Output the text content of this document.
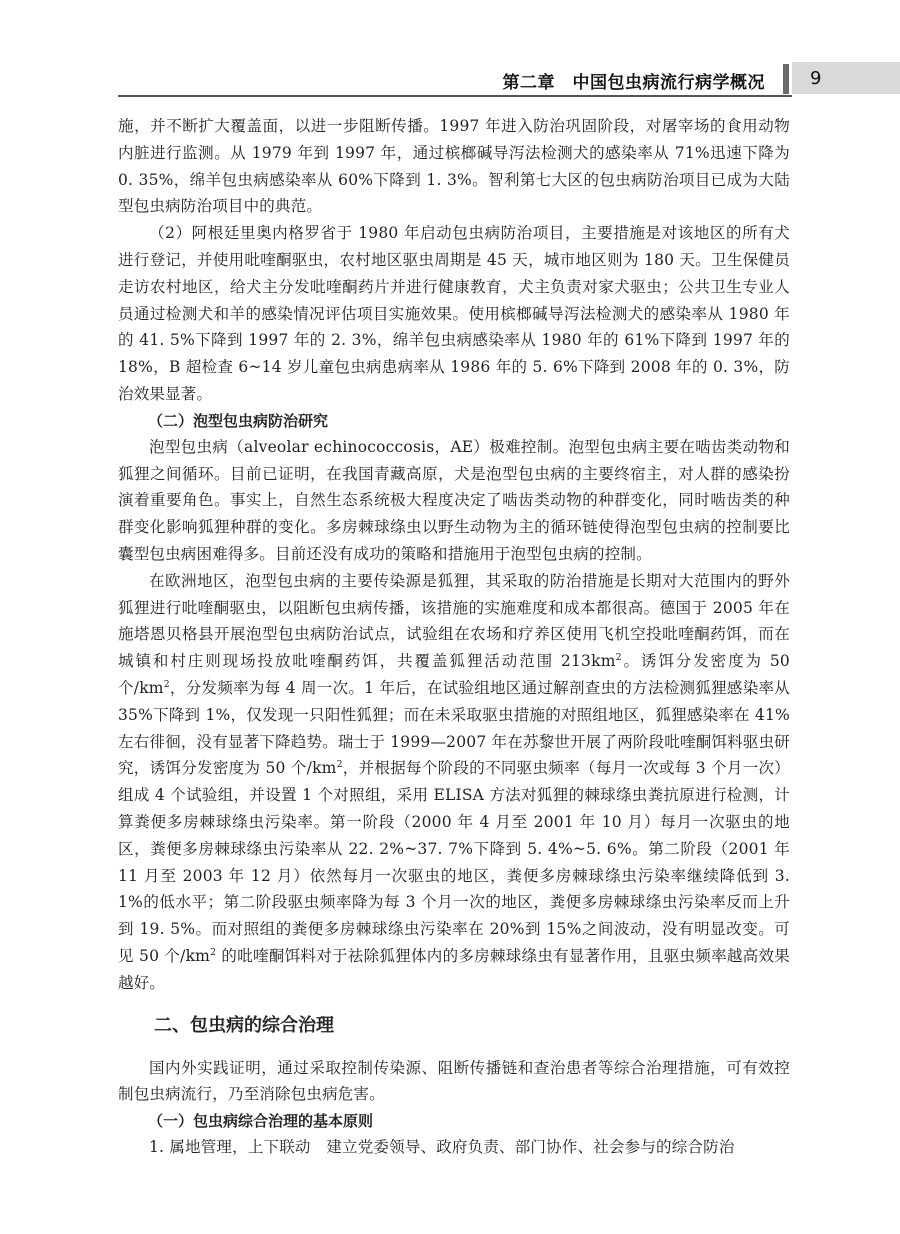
第二章　中国包虫病流行病学概况	9

施，并不断扩大覆盖面，以进一步阻断传播。1997 年进入防治巩固阶段，对屠宰场的食用动物内脏进行监测。从 1979 年到 1997 年，通过槟榔碱导泻法检测犬的感染率从 71%迅速下降为 0. 35%，绵羊包虫病感染率从 60%下降到 1. 3%。智利第七大区的包虫病防治项目已成为大陆型包虫病防治项目中的典范。

（2）阿根廷里奥内格罗省于 1980 年启动包虫病防治项目，主要措施是对该地区的所有犬进行登记，并使用吡喹酮驱虫，农村地区驱虫周期是 45 天，城市地区则为 180 天。卫生保健员走访农村地区，给犬主分发吡喹酮药片并进行健康教育，犬主负责对家犬驱虫；公共卫生专业人员通过检测犬和羊的感染情况评估项目实施效果。使用槟榔碱导泻法检测犬的感染率从 1980 年的 41. 5%下降到 1997 年的 2. 3%，绵羊包虫病感染率从 1980 年的 61%下降到 1997 年的 18%，B 超检查 6~14 岁儿童包虫病患病率从 1986 年的 5. 6%下降到 2008 年的 0. 3%，防治效果显著。

（二）泡型包虫病防治研究

泡型包虫病（alveolar echinococcosis，AE）极难控制。泡型包虫病主要在啮齿类动物和狐狸之间循环。目前已证明，在我国青藏高原，犬是泡型包虫病的主要终宿主，对人群的感染扮演着重要角色。事实上，自然生态系统极大程度决定了啮齿类动物的种群变化，同时啮齿类的种群变化影响狐狸种群的变化。多房棘球绦虫以野生动物为主的循环链使得泡型包虫病的控制要比囊型包虫病困难得多。目前还没有成功的策略和措施用于泡型包虫病的控制。

在欧洲地区，泡型包虫病的主要传染源是狐狸，其采取的防治措施是长期对大范围内的野外狐狸进行吡喹酮驱虫，以阻断包虫病传播，该措施的实施难度和成本都很高。德国于 2005 年在施塔恩贝格县开展泡型包虫病防治试点，试验组在农场和疗养区使用飞机空投吡喹酮药饵，而在城镇和村庄则现场投放吡喹酮药饵，共覆盖狐狸活动范围 $213km^2$。诱饵分发密度为 50 个$/km^2$，分发频率为每 4 周一次。1 年后，在试验组地区通过解剖查虫的方法检测狐狸感染率从 35%下降到 1%，仅发现一只阳性狐狸；而在未采取驱虫措施的对照组地区，狐狸感染率在 41%左右徘徊，没有显著下降趋势。瑞士于 1999—2007 年在苏黎世开展了两阶段吡喹酮饵料驱虫研究，诱饵分发密度为 50 个$/km^2$，并根据每个阶段的不同驱虫频率（每月一次或每 3 个月一次）组成 4 个试验组，并设置 1 个对照组，采用 ELISA 方法对狐狸的棘球绦虫粪抗原进行检测，计算粪便多房棘球绦虫污染率。第一阶段（2000 年 4 月至 2001 年 10 月）每月一次驱虫的地区，粪便多房棘球绦虫污染率从 22. 2%~37. 7%下降到 5. 4%~5. 6%。第二阶段（2001 年 11 月至 2003 年 12 月）依然每月一次驱虫的地区，粪便多房棘球绦虫污染率继续降低到 3. 1%的低水平；第二阶段驱虫频率降为每 3 个月一次的地区，粪便多房棘球绦虫污染率反而上升到 19. 5%。而对照组的粪便多房棘球绦虫污染率在 20%到 15%之间波动，没有明显改变。可见 50 个$/km^2$ 的吡喹酮饵料对于祛除狐狸体内的多房棘球绦虫有显著作用，且驱虫频率越高效果越好。

二、包虫病的综合治理

国内外实践证明，通过采取控制传染源、阻断传播链和查治患者等综合治理措施，可有效控制包虫病流行，乃至消除包虫病危害。

（一）包虫病综合治理的基本原则

1. 属地管理，上下联动　建立党委领导、政府负责、部门协作、社会参与的综合防治
